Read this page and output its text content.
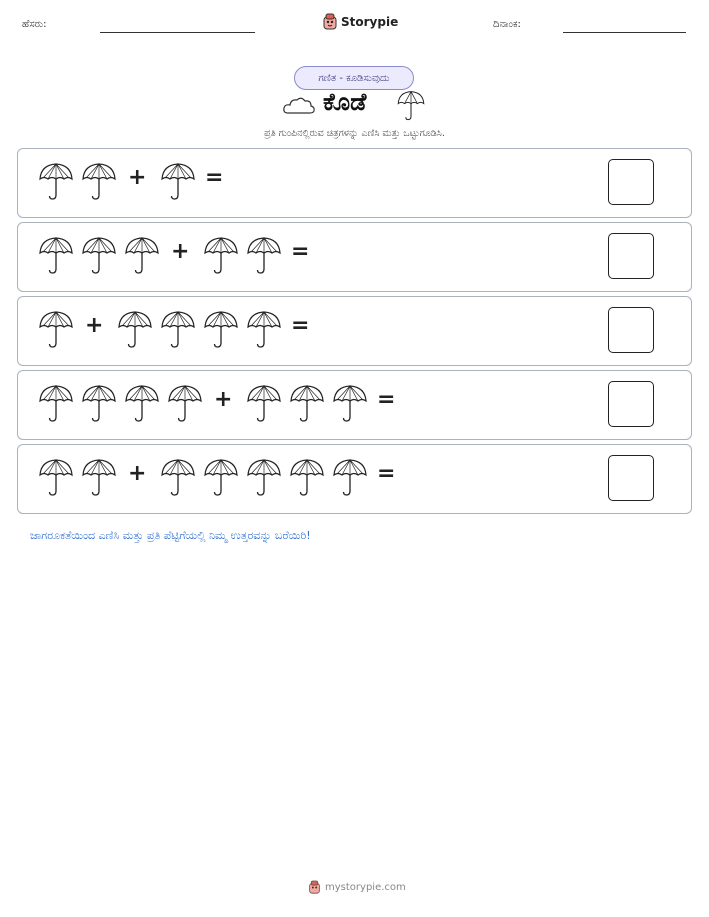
ಹೆಸರು:	Storypie	ದಿನಾಂಕ:
ಗಣಿತ - ಕೂಡಿಸುವುದು
ಕೊಡೆ
ಪ್ರತಿ ಗುಂಪಿನಲ್ಲಿರುವ ಚಿತ್ರಗಳನ್ನು ಎಣಿಸಿ ಮತ್ತು ಒಟ್ಟುಗೂಡಿಸಿ.
+	=
+	=
+	=
+	=
+	=
ಜಾಗರೂಕತೆಯಿಂದ ಎಣಿಸಿ ಮತ್ತು ಪ್ರತಿ ಪೆಟ್ಟಿಗೆಯಲ್ಲಿ ನಿಮ್ಮ ಉತ್ತರವನ್ನು ಬರೆಯಿರಿ!
mystorypie.com
